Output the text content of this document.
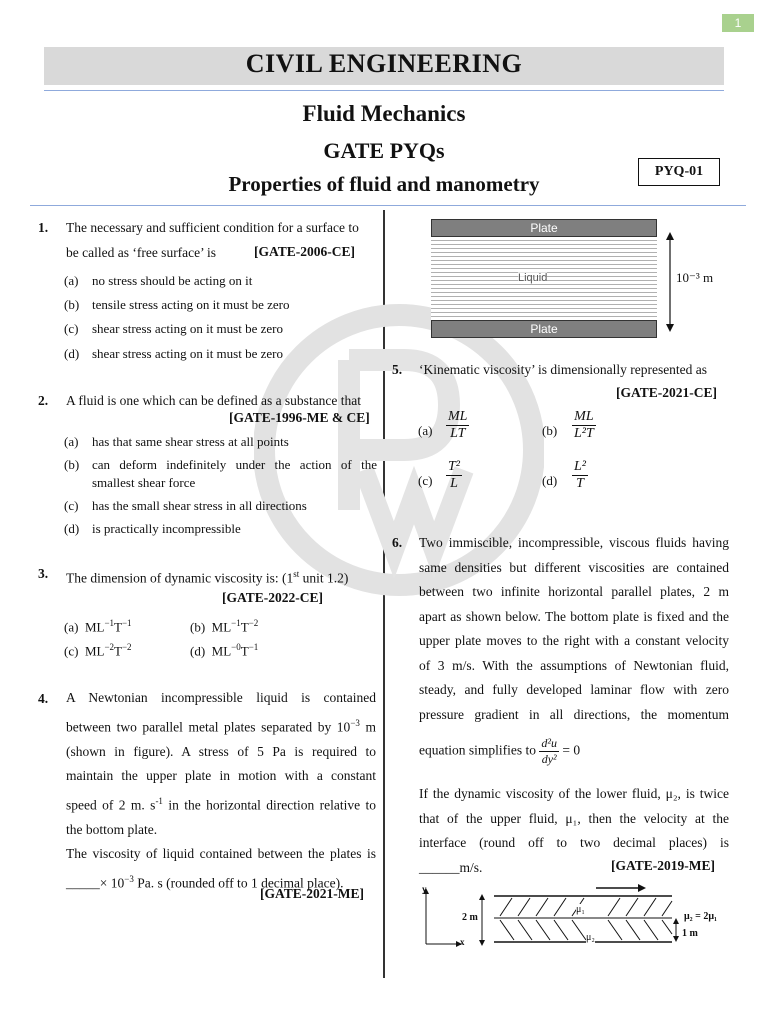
1
CIVIL ENGINEERING
Fluid Mechanics
GATE PYQs
Properties of fluid and manometry
PYQ-01
1. The necessary and sufficient condition for a surface to
be called as ‘free surface’ is	[GATE-2006-CE]
(a) no stress should be acting on it
(b) tensile stress acting on it must be zero
(c) shear stress acting on it must be zero
(d) shear stress acting on it must be zero
2. A fluid is one which can be defined as a substance that
[GATE-1996-ME & CE]
(a) has that same shear stress at all points
(b) can deform indefinitely under the action of the smallest shear force
(c) has the small shear stress in all directions
(d) is practically incompressible
3. The dimension of dynamic viscosity is: (1st unit 1.2)
[GATE-2022-CE]
(a) $ML^{-1}T^{-1}$	(b) $ML^{-1}T^{-2}$
(c) $ML^{-2}T^{-2}$	(d) $ML^{-0}T^{-1}$
4. A Newtonian incompressible liquid is contained
between two parallel metal plates separated by $10^{-3}$ m
(shown in figure). A stress of 5 Pa is required to
maintain the upper plate in motion with a constant
speed of 2 m. $s^{-1}$ in the horizontal direction relative to
the bottom plate.
The viscosity of liquid contained between the plates is
_____× $10^{-3}$ Pa. s (rounded off to 1 decimal place).
[GATE-2021-ME]
Plate
Liquid
Plate
10⁻³ m
5. ‘Kinematic viscosity’ is dimensionally represented as
[GATE-2021-CE]
$(a) \frac{ML}{LT}$	$(b) \frac{ML}{\text{L²T}}$
$(c) \frac{\text{T²}}{L}$	$(d) \frac{\text{L²}}{T}$
6. Two immiscible, incompressible, viscous fluids having
same densities but different viscosities are contained
between two infinite horizontal parallel plates, 2 m
apart as shown below. The bottom plate is fixed and the
upper plate moves to the right with a constant velocity
of 3 m/s. With the assumptions of Newtonian fluid,
steady, and fully developed laminar flow with zero
pressure gradient in all directions, the momentum
equation simplifies to $\frac{\text{d²u}}{\text{dy²}} = 0$
If the dynamic viscosity of the lower fluid, μ₂, is twice
that of the upper fluid, μ₁, then the velocity at the
interface (round off to two decimal places) is
______m/s.	[GATE-2019-ME]
y
x
2 m
μ₁
μ₂
μ₂ = 2μ₁
1 m
